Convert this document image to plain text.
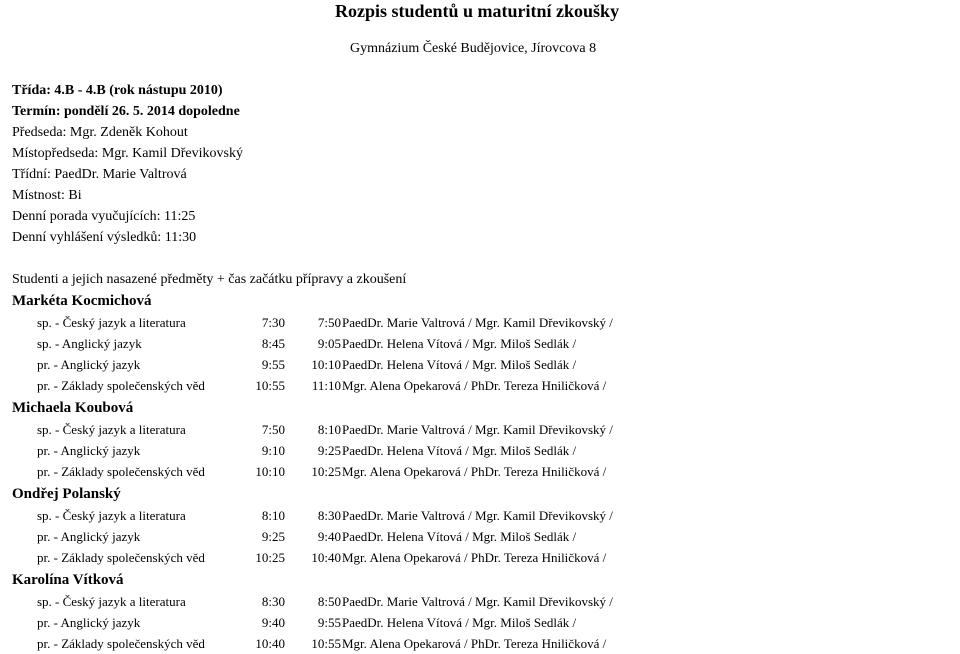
Rozpis studentů u maturitní zkoušky
Gymnázium České Budějovice, Jírovcova 8
Třída: 4.B - 4.B (rok nástupu 2010)
Termín: pondělí 26. 5. 2014 dopoledne
Předseda: Mgr. Zdeněk Kohout
Místopředseda: Mgr. Kamil Dřevikovský
Třídní: PaedDr. Marie Valtrová
Místnost: Bi
Denní porada vyučujících: 11:25
Denní vyhlášení výsledků: 11:30
Studenti a jejich nasazené předměty + čas začátku přípravy a zkoušení
Markéta Kocmichová
sp. - Český jazyk a literatura	7:30	7:50 PaedDr. Marie Valtrová / Mgr. Kamil Dřevikovský /
sp. - Anglický jazyk	8:45	9:05 PaedDr. Helena Vítová / Mgr. Miloš Sedlák /
pr. - Anglický jazyk	9:55	10:10 PaedDr. Helena Vítová / Mgr. Miloš Sedlák /
pr. - Základy společenských věd	10:55	11:10 Mgr. Alena Opekarová / PhDr. Tereza Hniličková /
Michaela Koubová
sp. - Český jazyk a literatura	7:50	8:10 PaedDr. Marie Valtrová / Mgr. Kamil Dřevikovský /
pr. - Anglický jazyk	9:10	9:25 PaedDr. Helena Vítová / Mgr. Miloš Sedlák /
pr. - Základy společenských věd	10:10	10:25 Mgr. Alena Opekarová / PhDr. Tereza Hniličková /
Ondřej Polanský
sp. - Český jazyk a literatura	8:10	8:30 PaedDr. Marie Valtrová / Mgr. Kamil Dřevikovský /
pr. - Anglický jazyk	9:25	9:40 PaedDr. Helena Vítová / Mgr. Miloš Sedlák /
pr. - Základy společenských věd	10:25	10:40 Mgr. Alena Opekarová / PhDr. Tereza Hniličková /
Karolína Vítková
sp. - Český jazyk a literatura	8:30	8:50 PaedDr. Marie Valtrová / Mgr. Kamil Dřevikovský /
pr. - Anglický jazyk	9:40	9:55 PaedDr. Helena Vítová / Mgr. Miloš Sedlák /
pr. - Základy společenských věd	10:40	10:55 Mgr. Alena Opekarová / PhDr. Tereza Hniličková /
